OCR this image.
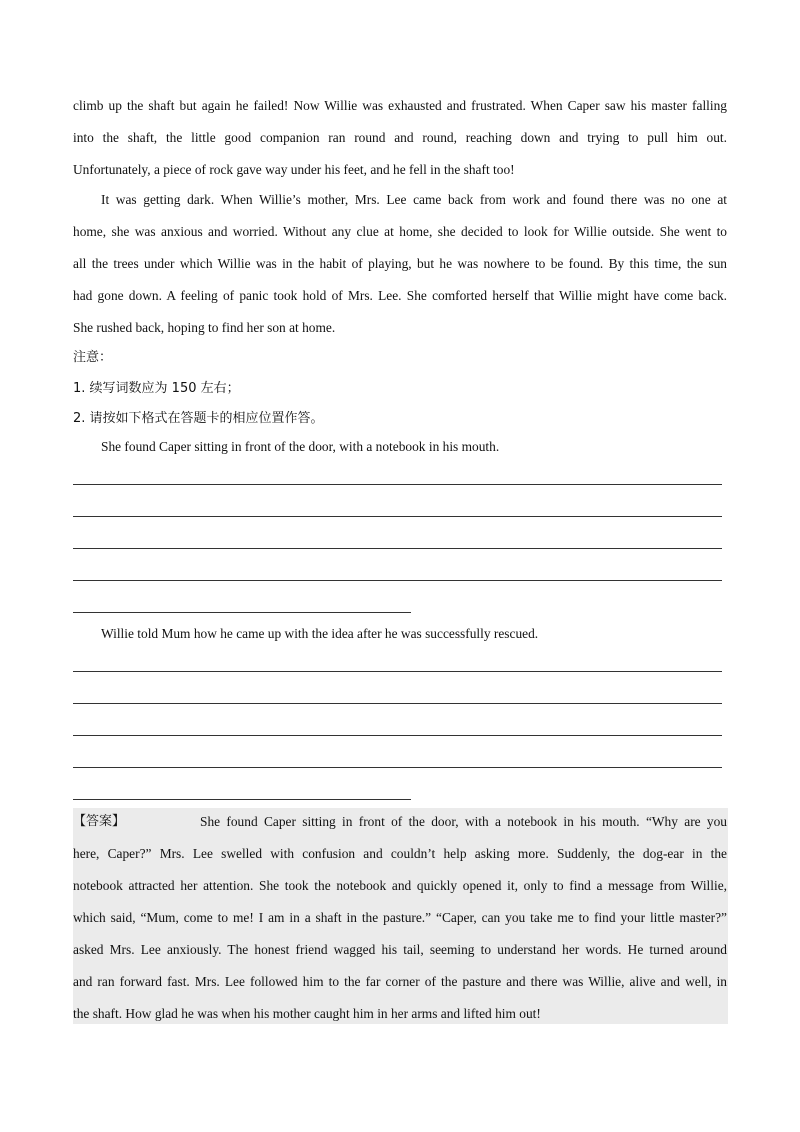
climb up the shaft but again he failed! Now Willie was exhausted and frustrated. When Caper saw his master falling
into the shaft, the little good companion ran round and round, reaching down and trying to pull him out.
Unfortunately, a piece of rock gave way under his feet, and he fell in the shaft too!
It was getting dark. When Willie’s mother, Mrs. Lee came back from work and found there was no one at
home, she was anxious and worried. Without any clue at home, she decided to look for Willie outside. She went to
all the trees under which Willie was in the habit of playing, but he was nowhere to be found. By this time, the sun
had gone down. A feeling of panic took hold of Mrs. Lee. She comforted herself that Willie might have come back.
She rushed back, hoping to find her son at home.
注意：
1. 续写词数应为 150 左右；
2. 请按如下格式在答题卡的相应位置作答。
She found Caper sitting in front of the door, with a notebook in his mouth.
Willie told Mum how he came up with the idea after he was successfully rescued.
【答案】	She found Caper sitting in front of the door, with a notebook in his mouth. “Why are you
here, Caper?” Mrs. Lee swelled with confusion and couldn’t help asking more. Suddenly, the dog-ear in the
notebook attracted her attention. She took the notebook and quickly opened it, only to find a message from Willie,
which said, “Mum, come to me! I am in a shaft in the pasture.” “Caper, can you take me to find your little master?”
asked Mrs. Lee anxiously. The honest friend wagged his tail, seeming to understand her words. He turned around
and ran forward fast. Mrs. Lee followed him to the far corner of the pasture and there was Willie, alive and well, in
the shaft. How glad he was when his mother caught him in her arms and lifted him out!
